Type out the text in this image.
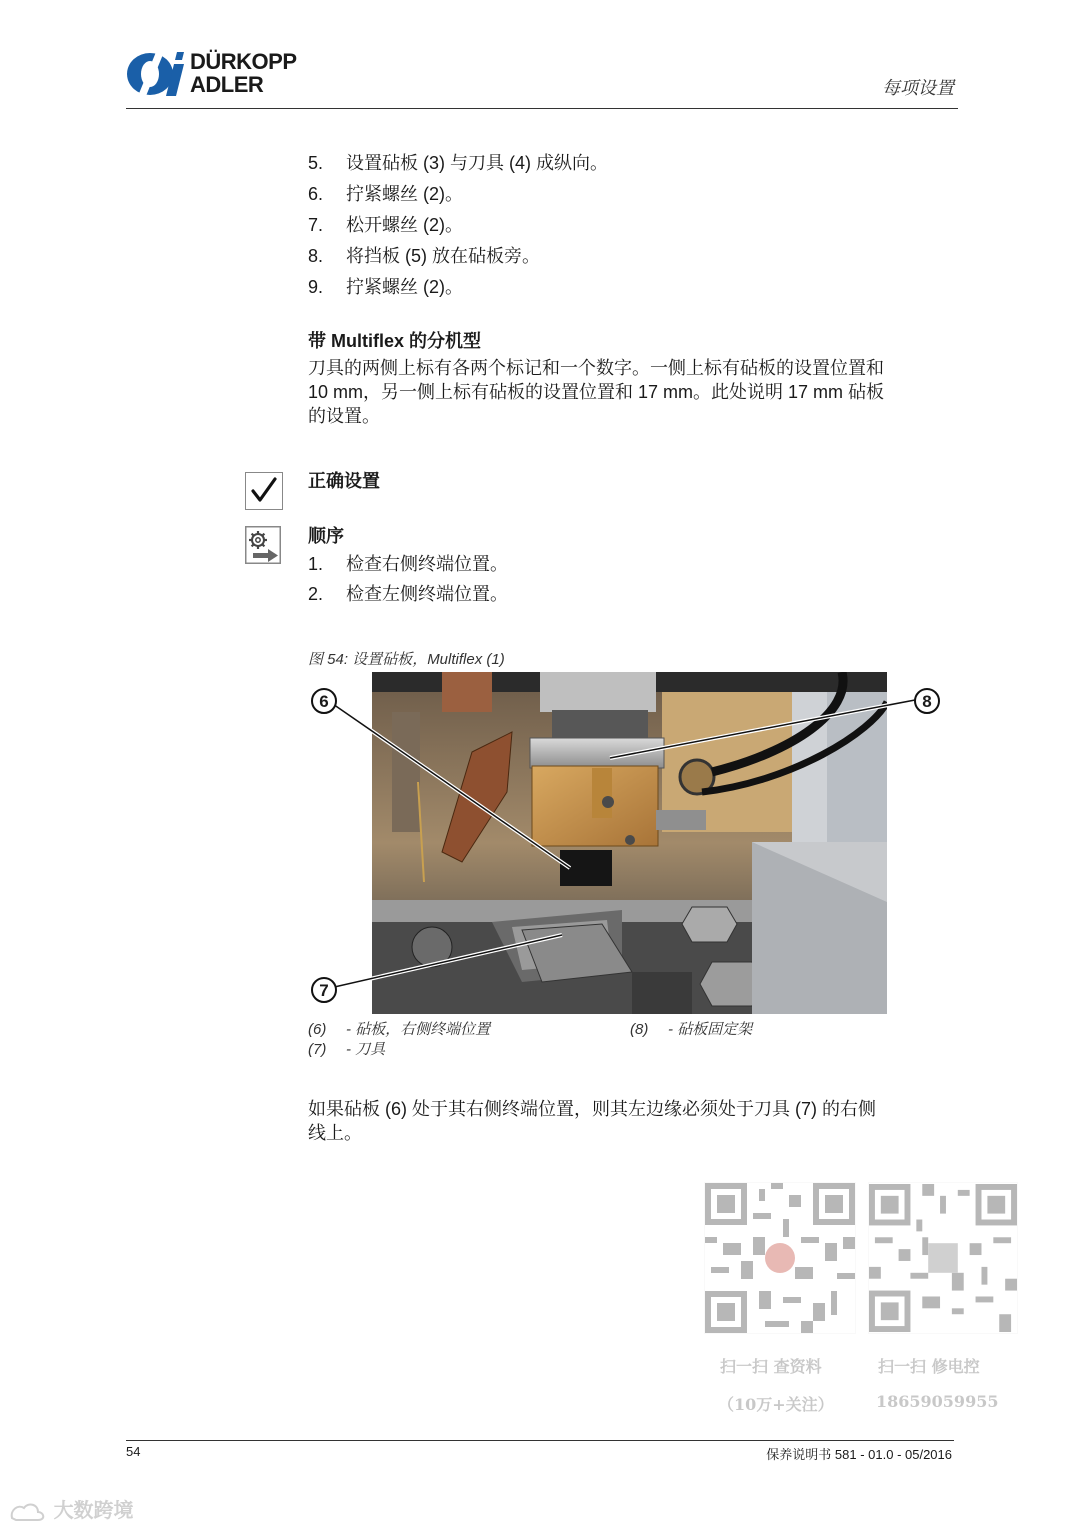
DÜRKOPP
ADLER	每项设置
5. 设置砧板 (3) 与刀具 (4) 成纵向。
6. 拧紧螺丝 (2)。
7. 松开螺丝 (2)。
8. 将挡板 (5) 放在砧板旁。
9. 拧紧螺丝 (2)。
带 Multiflex 的分机型
刀具的两侧上标有各两个标记和一个数字。一侧上标有砧板的设置位置和
10 mm，另一侧上标有砧板的设置位置和 17 mm。此处说明 17 mm 砧板
的设置。
正确设置
顺序
1. 检查右侧终端位置。
2. 检查左侧终端位置。
图 54: 设置砧板，Multiflex (1)
6
7
8
(6) - 砧板，右侧终端位置
(7) - 刀具
(8) - 砧板固定架
如果砧板 (6) 处于其右侧终端位置，则其左边缘必须处于刀具 (7) 的右侧
线上。
扫一扫 查资料
（10万+关注）
扫一扫 修电控
18659059955
54	保养说明书 581 - 01.0 - 05/2016
大数跨境
